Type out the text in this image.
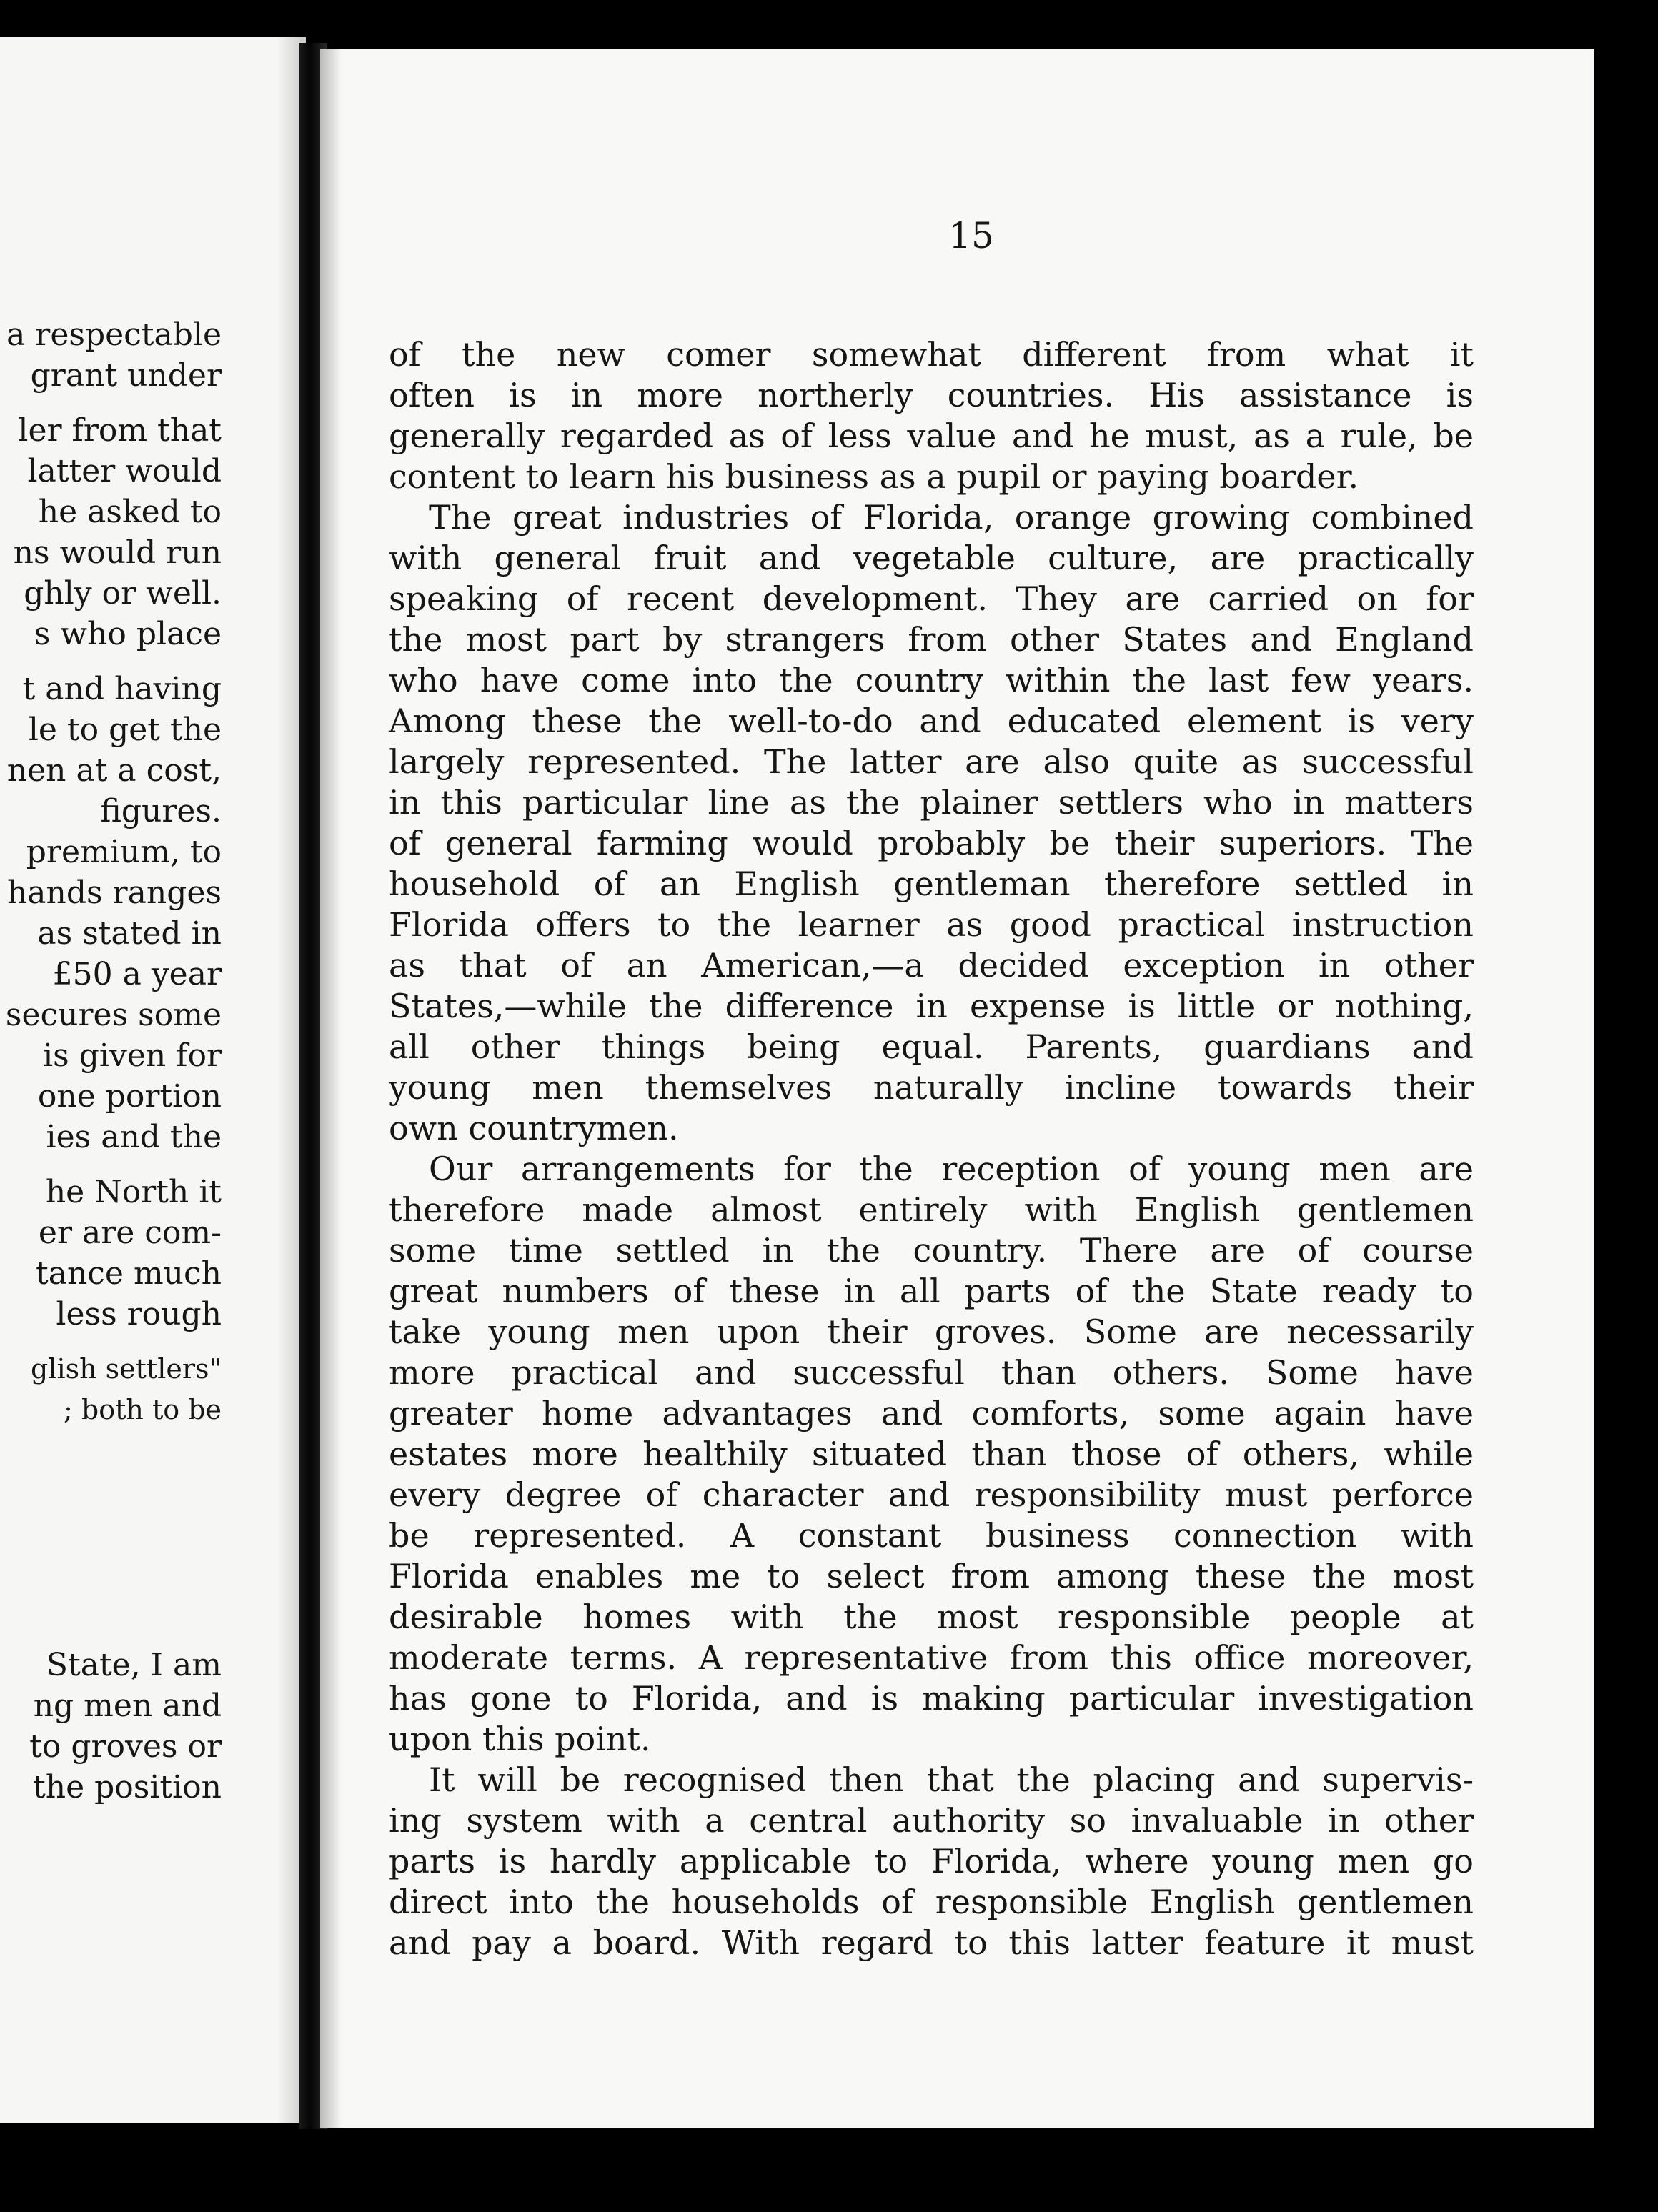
a respectable
grant under
ler from that
latter would
he asked to
ns would run
ghly or well.
s who place
t and having
le to get the
nen at a cost,
figures.
premium, to
hands ranges
as stated in
£50 a year
secures some
is given for
one portion
ies and the
he North it
er are com-
tance much
less rough
glish settlers"
; both to be
State, I am
ng men and
to groves or
the position
15
of the new comer somewhat different from what it
often is in more northerly countries. His assistance is
generally regarded as of less value and he must, as a rule, be
content to learn his business as a pupil or paying boarder.
The great industries of Florida, orange growing combined
with general fruit and vegetable culture, are practically
speaking of recent development. They are carried on for
the most part by strangers from other States and England
who have come into the country within the last few years.
Among these the well-to-do and educated element is very
largely represented. The latter are also quite as successful
in this particular line as the plainer settlers who in matters
of general farming would probably be their superiors. The
household of an English gentleman therefore settled in
Florida offers to the learner as good practical instruction
as that of an American,—a decided exception in other
States,—while the difference in expense is little or nothing,
all other things being equal. Parents, guardians and
young men themselves naturally incline towards their
own countrymen.
Our arrangements for the reception of young men are
therefore made almost entirely with English gentlemen
some time settled in the country. There are of course
great numbers of these in all parts of the State ready to
take young men upon their groves. Some are necessarily
more practical and successful than others. Some have
greater home advantages and comforts, some again have
estates more healthily situated than those of others, while
every degree of character and responsibility must perforce
be represented. A constant business connection with
Florida enables me to select from among these the most
desirable homes with the most responsible people at
moderate terms. A representative from this office moreover,
has gone to Florida, and is making particular investigation
upon this point.
It will be recognised then that the placing and supervis-
ing system with a central authority so invaluable in other
parts is hardly applicable to Florida, where young men go
direct into the households of responsible English gentlemen
and pay a board. With regard to this latter feature it must
